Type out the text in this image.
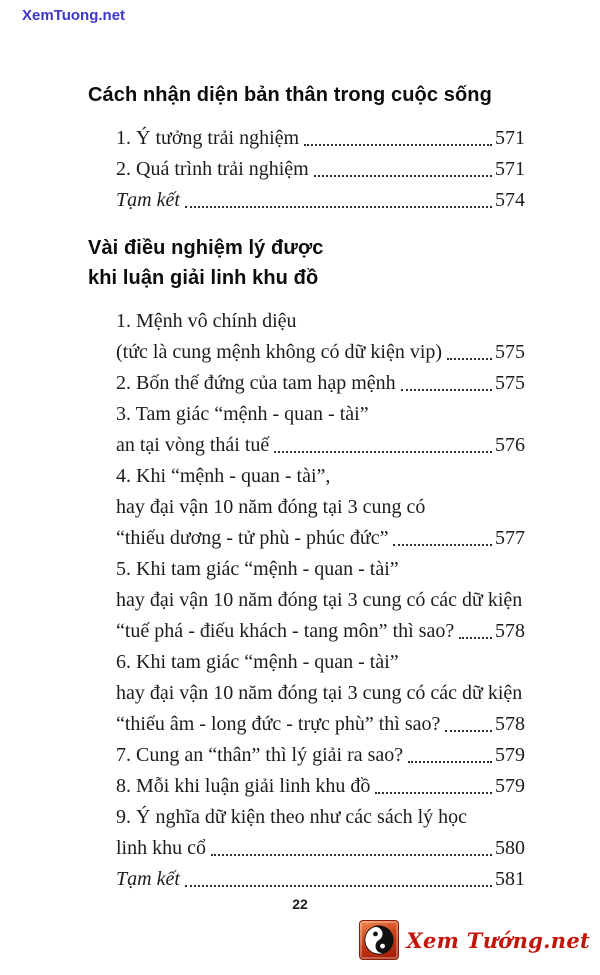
XemTuong.net
Cách nhận diện bản thân trong cuộc sống
1. Ý tưởng trải nghiệm	571
2. Quá trình trải nghiệm	571
Tạm kết	574
Vài điều nghiệm lý được
khi luận giải linh khu đồ
1. Mệnh vô chính diệu
(tức là cung mệnh không có dữ kiện vip)	575
2. Bốn thế đứng của tam hạp mệnh	575
3. Tam giác “mệnh - quan - tài”
an tại vòng thái tuế	576
4. Khi “mệnh - quan - tài”,
hay đại vận 10 năm đóng tại 3 cung có
“thiếu dương - tử phù - phúc đức”	577
5. Khi tam giác “mệnh - quan - tài”
hay đại vận 10 năm đóng tại 3 cung có các dữ kiện
“tuế phá - điếu khách - tang môn” thì sao? 578
6. Khi tam giác “mệnh - quan - tài”
hay đại vận 10 năm đóng tại 3 cung có các dữ kiện
“thiếu âm - long đức - trực phù” thì sao?	578
7. Cung an “thân” thì lý giải ra sao?	579
8. Mỗi khi luận giải linh khu đồ	579
9. Ý nghĩa dữ kiện theo như các sách lý học
linh khu cổ	580
Tạm kết	581
22
Xem Tướng.net
